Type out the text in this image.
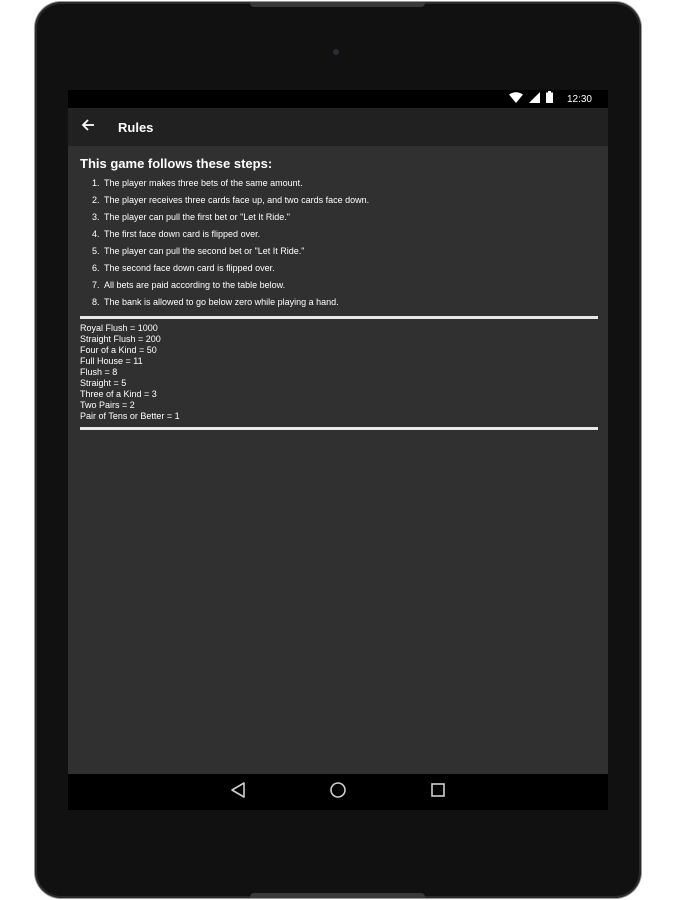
12:30
Rules
This game follows these steps:
1. The player makes three bets of the same amount.
2. The player receives three cards face up, and two cards face down.
3. The player can pull the first bet or "Let It Ride."
4. The first face down card is flipped over.
5. The player can pull the second bet or "Let It Ride."
6. The second face down card is flipped over.
7. All bets are paid according to the table below.
8. The bank is allowed to go below zero while playing a hand.
Royal Flush = 1000
Straight Flush = 200
Four of a Kind = 50
Full House = 11
Flush = 8
Straight = 5
Three of a Kind = 3
Two Pairs = 2
Pair of Tens or Better = 1
